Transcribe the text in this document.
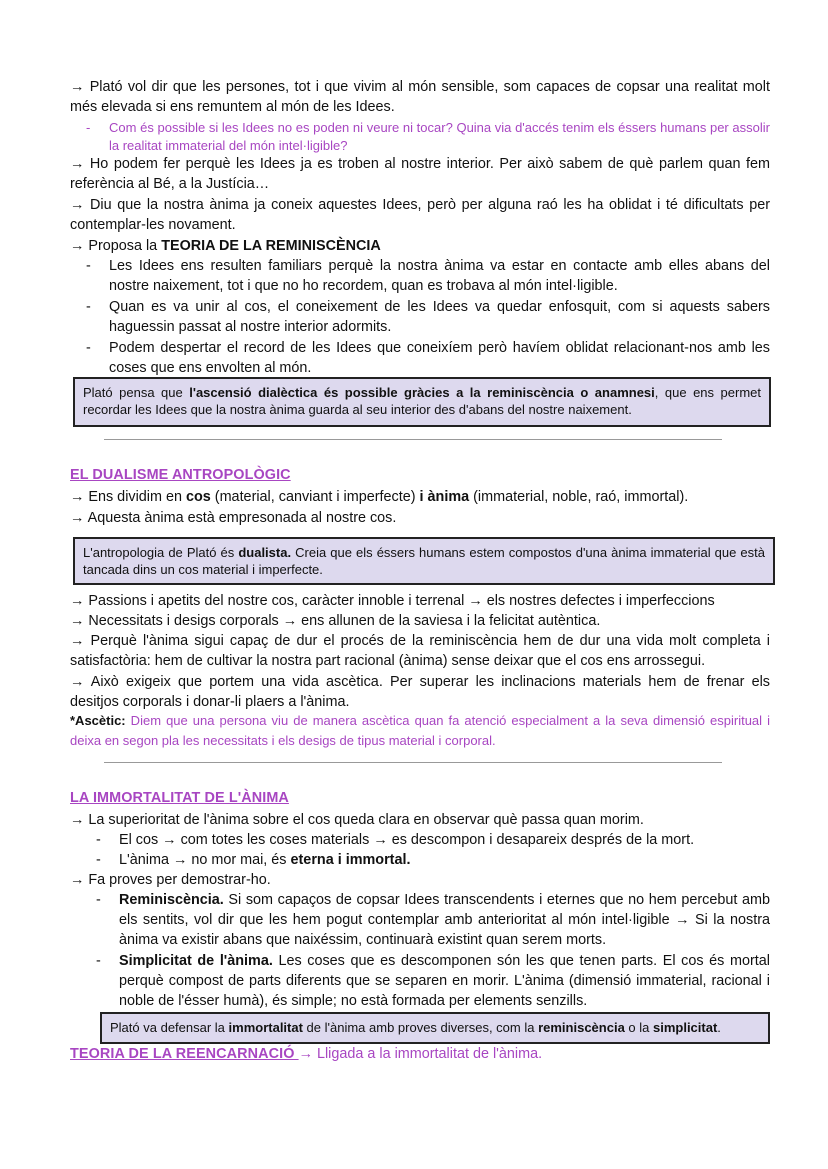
→ Plató vol dir que les persones, tot i que vivim al món sensible, som capaces de copsar una realitat molt més elevada si ens remuntem al món de les Idees.

- Com és possible si les Idees no es poden ni veure ni tocar? Quina via d'accés tenim els éssers humans per assolir la realitat immaterial del món intel·ligible?

→ Ho podem fer perquè les Idees ja es troben al nostre interior. Per això sabem de què parlem quan fem referència al Bé, a la Justícia…

→ Diu que la nostra ànima ja coneix aquestes Idees, però per alguna raó les ha oblidat i té dificultats per contemplar-les novament.

→ Proposa la TEORIA DE LA REMINISCÈNCIA

- Les Idees ens resulten familiars perquè la nostra ànima va estar en contacte amb elles abans del nostre naixement, tot i que no ho recordem, quan es trobava al món intel·ligible.
- Quan es va unir al cos, el coneixement de les Idees va quedar enfosquit, com si aquests sabers haguessin passat al nostre interior adormits.
- Podem despertar el record de les Idees que coneixíem però havíem oblidat relacionant-nos amb les coses que ens envolten al món.
Plató pensa que l'ascensió dialèctica és possible gràcies a la reminiscència o anamnesi, que ens permet recordar les Idees que la nostra ànima guarda al seu interior des d'abans del nostre naixement.
EL DUALISME ANTROPOLÒGIC

→ Ens dividim en cos (material, canviant i imperfecte) i ànima (immaterial, noble, raó, immortal).

→ Aquesta ànima està empresonada al nostre cos.

L'antropologia de Plató és dualista. Creia que els éssers humans estem compostos d'una ànima immaterial que està tancada dins un cos material i imperfecte.

→ Passions i apetits del nostre cos, caràcter innoble i terrenal → els nostres defectes i imperfeccions

→ Necessitats i desigs corporals → ens allunen de la saviesa i la felicitat autèntica.

→ Perquè l'ànima sigui capaç de dur el procés de la reminiscència hem de dur una vida molt completa i satisfactòria: hem de cultivar la nostra part racional (ànima) sense deixar que el cos ens arrossegui.

→ Això exigeix que portem una vida ascètica. Per superar les inclinacions materials hem de frenar els desitjos corporals i donar-li plaers a l'ànima.

*Ascètic: Diem que una persona viu de manera ascètica quan fa atenció especialment a la seva dimensió espiritual i deixa en segon pla les necessitats i els desigs de tipus material i corporal.
LA IMMORTALITAT DE L'ÀNIMA

→ La superioritat de l'ànima sobre el cos queda clara en observar què passa quan morim.

- El cos → com totes les coses materials → es descompon i desapareix després de la mort.
- L'ànima → no mor mai, és eterna i immortal.

→ Fa proves per demostrar-ho.

- Reminiscència. Si som capaços de copsar Idees transcendents i eternes que no hem percebut amb els sentits, vol dir que les hem pogut contemplar amb anterioritat al món intel·ligible → Si la nostra ànima va existir abans que naixéssim, continuarà existint quan serem morts.
- Simplicitat de l'ànima. Les coses que es descomponen són les que tenen parts. El cos és mortal perquè compost de parts diferents que se separen en morir. L'ànima (dimensió immaterial, racional i noble de l'ésser humà), és simple; no està formada per elements senzills.
Plató va defensar la immortalitat de l'ànima amb proves diverses, com la reminiscència o la simplicitat.
TEORIA DE LA REENCARNACIÓ → Lligada a la immortalitat de l'ànima.
